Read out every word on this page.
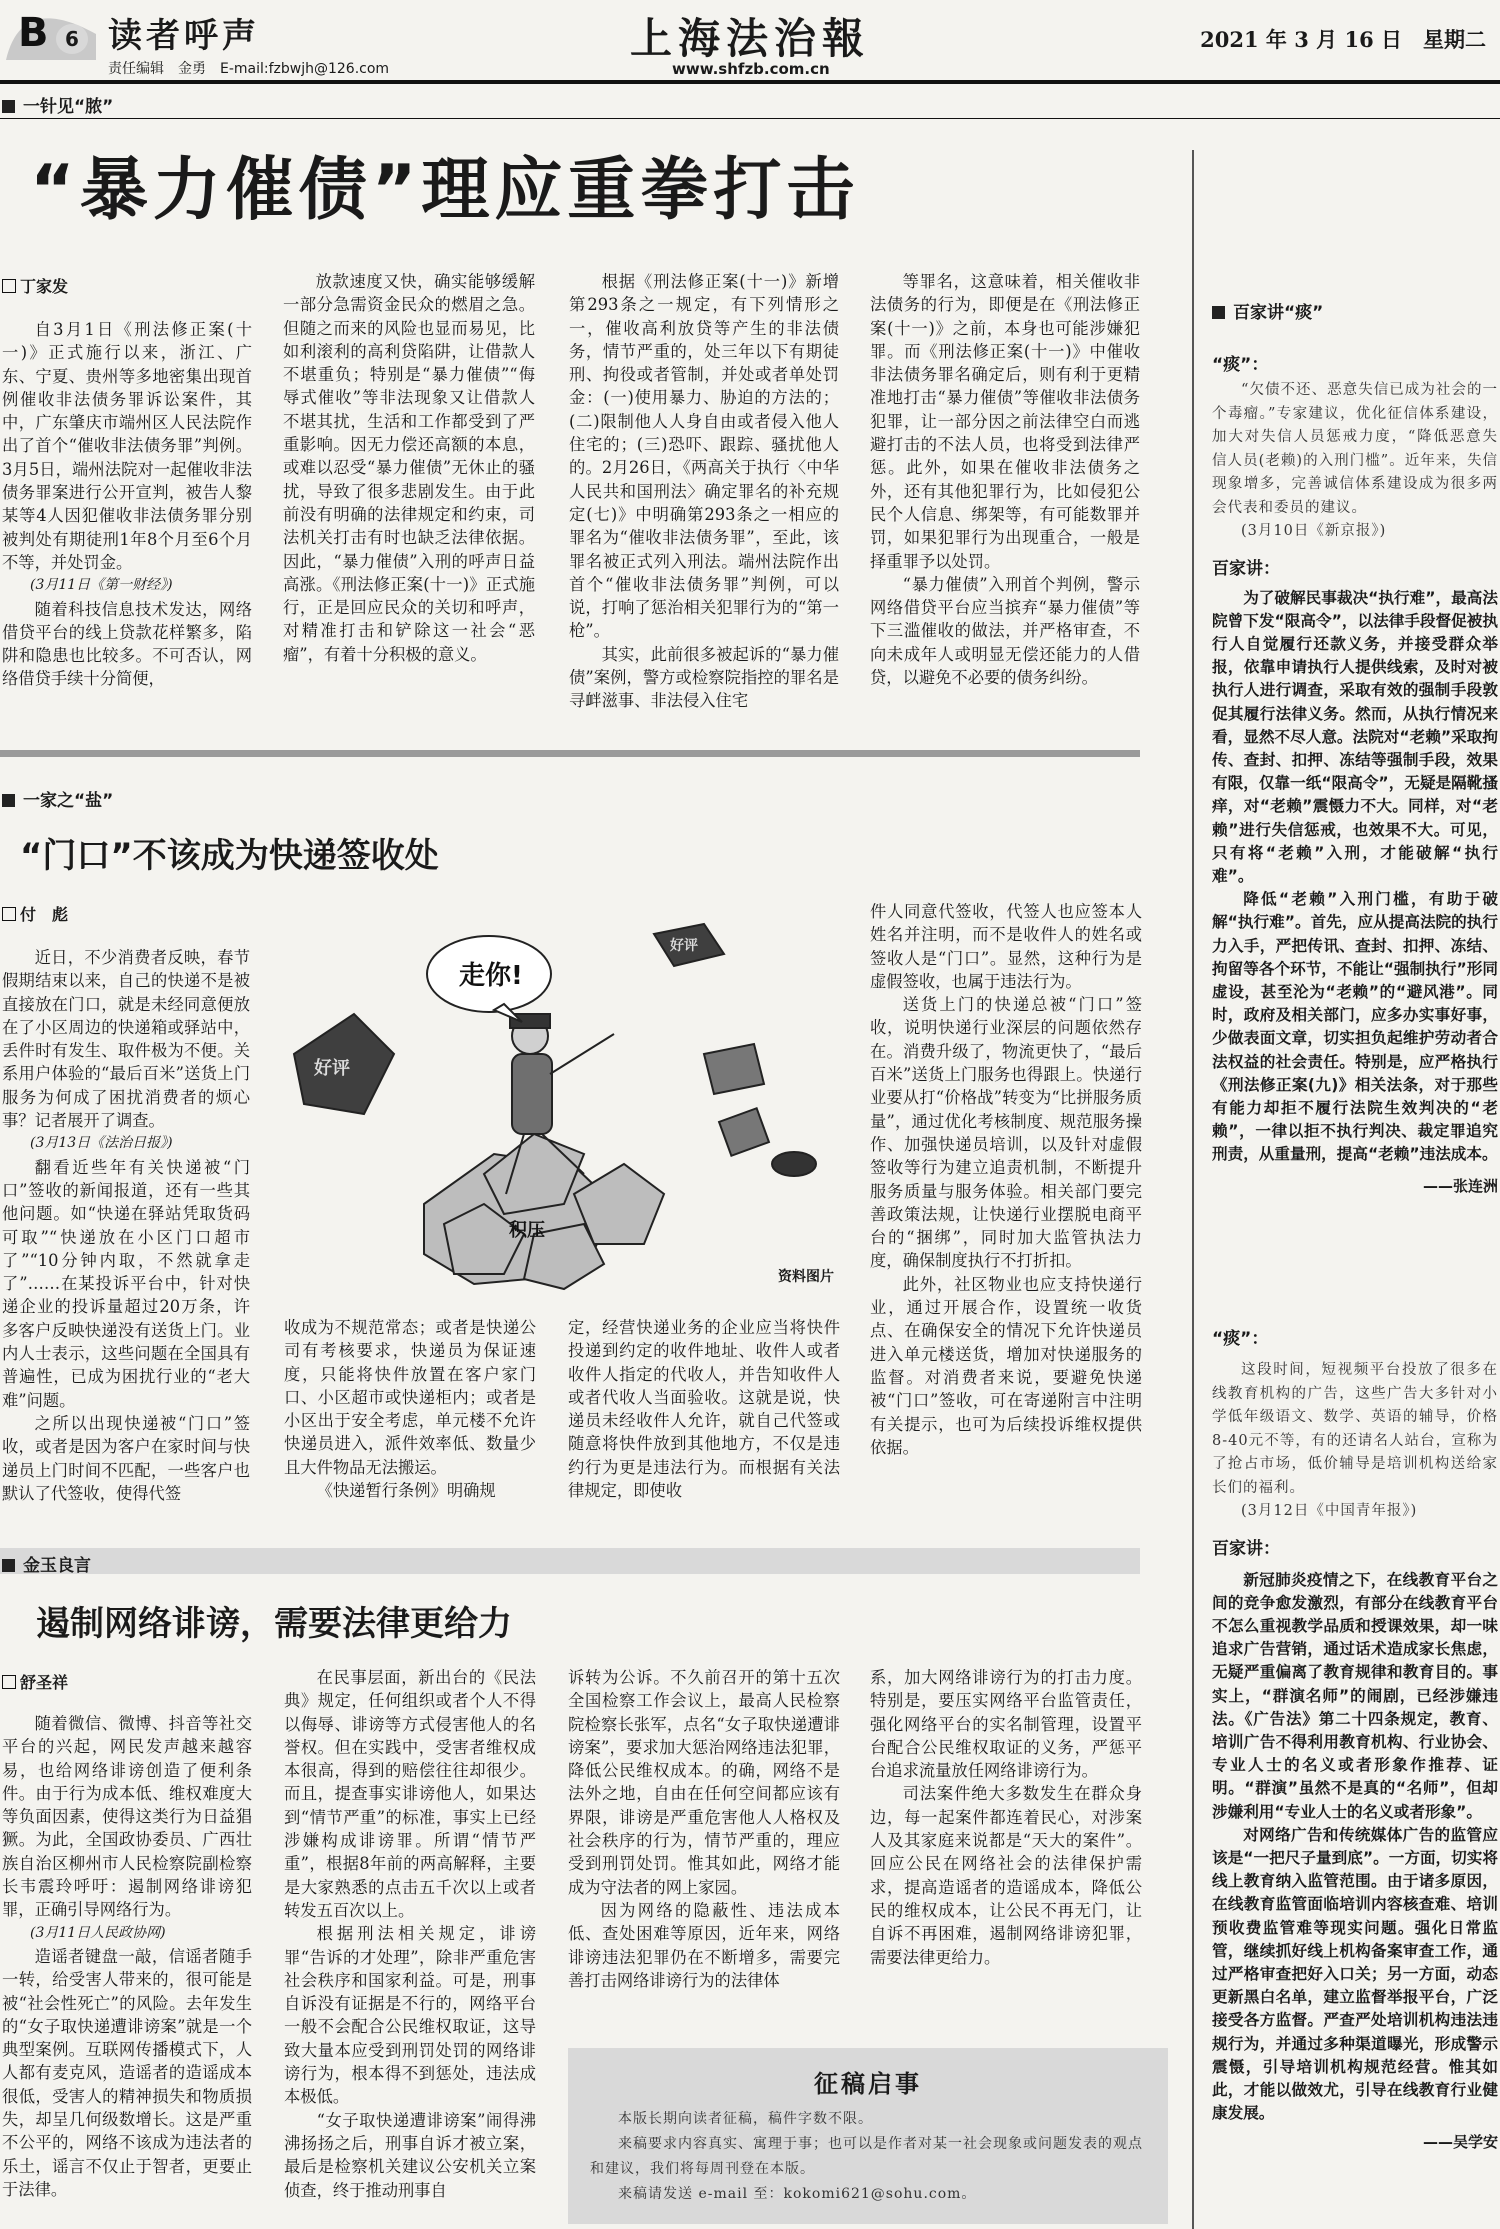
B 6 读者呼声
责任编辑　金勇　E-mail:fzbwjh@126.com
上海法治報
www.shfzb.com.cn
2021 年 3 月 16 日　星期二
一针见“脓”
“暴力催债”理应重拳打击
丁家发

自3月1日《刑法修正案(十一)》正式施行以来，浙江、广东、宁夏、贵州等多地密集出现首例催收非法债务罪诉讼案件，其中，广东肇庆市端州区人民法院作出了首个“催收非法债务罪”判例。3月5日，端州法院对一起催收非法债务罪案进行公开宣判，被告人黎某等4人因犯催收非法债务罪分别被判处有期徒刑1年8个月至6个月不等，并处罚金。

(3月11日《第一财经》)

随着科技信息技术发达，网络借贷平台的线上贷款花样繁多，陷阱和隐患也比较多。不可否认，网络借贷手续十分简便，

放款速度又快，确实能够缓解一部分急需资金民众的燃眉之急。但随之而来的风险也显而易见，比如利滚利的高利贷陷阱，让借款人不堪重负；特别是“暴力催债”“侮辱式催收”等非法现象又让借款人不堪其扰，生活和工作都受到了严重影响。因无力偿还高额的本息，或难以忍受“暴力催债”无休止的骚扰，导致了很多悲剧发生。由于此前没有明确的法律规定和约束，司法机关打击有时也缺乏法律依据。因此，“暴力催债”入刑的呼声日益高涨。《刑法修正案(十一)》正式施行，正是回应民众的关切和呼声，对精准打击和铲除这一社会“恶瘤”，有着十分积极的意义。

根据《刑法修正案(十一)》新增第293条之一规定，有下列情形之一，催收高利放贷等产生的非法债务，情节严重的，处三年以下有期徒刑、拘役或者管制，并处或者单处罚金：(一)使用暴力、胁迫的方法的；(二)限制他人人身自由或者侵入他人住宅的；(三)恐吓、跟踪、骚扰他人的。2月26日，《两高关于执行〈中华人民共和国刑法〉确定罪名的补充规定(七)》中明确第293条之一相应的罪名为“催收非法债务罪”，至此，该罪名被正式列入刑法。端州法院作出首个“催收非法债务罪”判例，可以说，打响了惩治相关犯罪行为的“第一枪”。

其实，此前很多被起诉的“暴力催债”案例，警方或检察院指控的罪名是寻衅滋事、非法侵入住宅

等罪名，这意味着，相关催收非法债务的行为，即便是在《刑法修正案(十一)》之前，本身也可能涉嫌犯罪。而《刑法修正案(十一)》中催收非法债务罪名确定后，则有利于更精准地打击“暴力催债”等催收非法债务犯罪，让一部分因之前法律空白而逃避打击的不法人员，也将受到法律严惩。此外，如果在催收非法债务之外，还有其他犯罪行为，比如侵犯公民个人信息、绑架等，有可能数罪并罚，如果犯罪行为出现重合，一般是择重罪予以处罚。

“暴力催债”入刑首个判例，警示网络借贷平台应当摈弃“暴力催债”等下三滥催收的做法，并严格审查，不向未成年人或明显无偿还能力的人借贷，以避免不必要的债务纠纷。

百家讲“痰”
“痰”：

“欠债不还、恶意失信已成为社会的一个毒瘤。”专家建议，优化征信体系建设，加大对失信人员惩戒力度，“降低恶意失信人员(老赖)的入刑门槛”。近年来，失信现象增多，完善诚信体系建设成为很多两会代表和委员的建议。

(3月10日《新京报》)

百家讲：

为了破解民事裁决“执行难”，最高法院曾下发“限高令”，以法律手段督促被执行人自觉履行还款义务，并接受群众举报，依靠申请执行人提供线索，及时对被执行人进行调查，采取有效的强制手段敦促其履行法律义务。然而，从执行情况来看，显然不尽人意。法院对“老赖”采取拘传、查封、扣押、冻结等强制手段，效果有限，仅靠一纸“限高令”，无疑是隔靴搔痒，对“老赖”震慑力不大。同样，对“老赖”进行失信惩戒，也效果不大。可见，只有将“老赖”入刑，才能破解“执行难”。

降低“老赖”入刑门槛，有助于破解“执行难”。首先，应从提高法院的执行力入手，严把传讯、查封、扣押、冻结、拘留等各个环节，不能让“强制执行”形同虚设，甚至沦为“老赖”的“避风港”。同时，政府及相关部门，应多办实事好事，少做表面文章，切实担负起维护劳动者合法权益的社会责任。特别是，应严格执行《刑法修正案(九)》相关法条，对于那些有能力却拒不履行法院生效判决的“老赖”，一律以拒不执行判决、裁定罪追究刑责，从重量刑，提高“老赖”违法成本。

——张连洲
“痰”：

这段时间，短视频平台投放了很多在线教育机构的广告，这些广告大多针对小学低年级语文、数学、英语的辅导，价格8-40元不等，有的还请名人站台，宣称为了抢占市场，低价辅导是培训机构送给家长们的福利。

(3月12日《中国青年报》)

百家讲：

新冠肺炎疫情之下，在线教育平台之间的竞争愈发激烈，有部分在线教育平台不怎么重视教学品质和授课效果，却一味追求广告营销，通过话术造成家长焦虑，无疑严重偏离了教育规律和教育目的。事实上，“群演名师”的闹剧，已经涉嫌违法。《广告法》第二十四条规定，教育、培训广告不得利用教育机构、行业协会、专业人士的名义或者形象作推荐、证明。“群演”虽然不是真的“名师”，但却涉嫌利用“专业人士的名义或者形象”。

对网络广告和传统媒体广告的监管应该是“一把尺子量到底”。一方面，切实将线上教育纳入监管范围。由于诸多原因，在线教育监管面临培训内容核查难、培训预收费监管难等现实问题。强化日常监管，继续抓好线上机构备案审查工作，通过严格审查把好入口关；另一方面，动态更新黑白名单，建立监督举报平台，广泛接受各方监督。严查严处培训机构违法违规行为，并通过多种渠道曝光，形成警示震慑，引导培训机构规范经营。惟其如此，才能以做效尤，引导在线教育行业健康发展。

——吴学安
一家之“盐”
“门口”不该成为快递签收处
付　彪

近日，不少消费者反映，春节假期结束以来，自己的快递不是被直接放在门口，就是未经同意便放在了小区周边的快递箱或驿站中，丢件时有发生、取件极为不便。关系用户体验的“最后百米”送货上门服务为何成了困扰消费者的烦心事？记者展开了调查。

(3月13日《法治日报》)

翻看近些年有关快递被“门口”签收的新闻报道，还有一些其他问题。如“快递在驿站凭取货码可取”“快递放在小区门口超市了”“10分钟内取，不然就拿走了”……在某投诉平台中，针对快递企业的投诉量超过20万条，许多客户反映快递没有送货上门。业内人士表示，这些问题在全国具有普遍性，已成为困扰行业的“老大难”问题。

之所以出现快递被“门口”签收，或者是因为客户在家时间与快递员上门时间不匹配，一些客户也默认了代签收，使得代签

走你!
好评
好评
积压
资料图片

收成为不规范常态；或者是快递公司有考核要求，快递员为保证速度，只能将快件放置在客户家门口、小区超市或快递柜内；或者是小区出于安全考虑，单元楼不允许快递员进入，派件效率低、数量少且大件物品无法搬运。

《快递暂行条例》明确规

定，经营快递业务的企业应当将快件投递到约定的收件地址、收件人或者收件人指定的代收人，并告知收件人或者代收人当面验收。这就是说，快递员未经收件人允许，就自己代签或随意将快件放到其他地方，不仅是违约行为更是违法行为。而根据有关法律规定，即使收

件人同意代签收，代签人也应签本人姓名并注明，而不是收件人的姓名或签收人是“门口”。显然，这种行为是虚假签收，也属于违法行为。

送货上门的快递总被“门口”签收，说明快递行业深层的问题依然存在。消费升级了，物流更快了，“最后百米”送货上门服务也得跟上。快递行业要从打“价格战”转变为“比拼服务质量”，通过优化考核制度、规范服务操作、加强快递员培训，以及针对虚假签收等行为建立追责机制，不断提升服务质量与服务体验。相关部门要完善政策法规，让快递行业摆脱电商平台的“捆绑”，同时加大监管执法力度，确保制度执行不打折扣。

此外，社区物业也应支持快递行业，通过开展合作，设置统一收货点、在确保安全的情况下允许快递员进入单元楼送货，增加对快递服务的监督。对消费者来说，要避免快递被“门口”签收，可在寄递附言中注明有关提示，也可为后续投诉维权提供依据。

金玉良言
遏制网络诽谤，需要法律更给力
舒圣祥

随着微信、微博、抖音等社交平台的兴起，网民发声越来越容易，也给网络诽谤创造了便利条件。由于行为成本低、维权难度大等负面因素，使得这类行为日益猖獗。为此，全国政协委员、广西壮族自治区柳州市人民检察院副检察长韦震玲呼吁：遏制网络诽谤犯罪，正确引导网络行为。

(3月11日人民政协网)

造谣者键盘一敲，信谣者随手一转，给受害人带来的，很可能是被“社会性死亡”的风险。去年发生的“女子取快递遭诽谤案”就是一个典型案例。互联网传播模式下，人人都有麦克风，造谣者的造谣成本很低，受害人的精神损失和物质损失，却呈几何级数增长。这是严重不公平的，网络不该成为违法者的乐土，谣言不仅止于智者，更要止于法律。

在民事层面，新出台的《民法典》规定，任何组织或者个人不得以侮辱、诽谤等方式侵害他人的名誉权。但在实践中，受害者维权成本很高，得到的赔偿往往却很少。而且，提查事实诽谤他人，如果达到“情节严重”的标准，事实上已经涉嫌构成诽谤罪。所谓“情节严重”，根据8年前的两高解释，主要是大家熟悉的点击五千次以上或者转发五百次以上。

根据刑法相关规定，诽谤罪“告诉的才处理”，除非严重危害社会秩序和国家利益。可是，刑事自诉没有证据是不行的，网络平台一般不会配合公民维权取证，这导致大量本应受到刑罚处罚的网络诽谤行为，根本得不到惩处，违法成本极低。

“女子取快递遭诽谤案”闹得沸沸扬扬之后，刑事自诉才被立案，最后是检察机关建议公安机关立案侦查，终于推动刑事自

诉转为公诉。不久前召开的第十五次全国检察工作会议上，最高人民检察院检察长张军，点名“女子取快递遭诽谤案”，要求加大惩治网络违法犯罪，降低公民维权成本。的确，网络不是法外之地，自由在任何空间都应该有界限，诽谤是严重危害他人人格权及社会秩序的行为，情节严重的，理应受到刑罚处罚。惟其如此，网络才能成为守法者的网上家园。

因为网络的隐蔽性、违法成本低、查处困难等原因，近年来，网络诽谤违法犯罪仍在不断增多，需要完善打击网络诽谤行为的法律体

系，加大网络诽谤行为的打击力度。特别是，要压实网络平台监管责任，强化网络平台的实名制管理，设置平台配合公民维权取证的义务，严惩平台追求流量放任网络诽谤行为。

司法案件绝大多数发生在群众身边，每一起案件都连着民心，对涉案人及其家庭来说都是“天大的案件”。回应公民在网络社会的法律保护需求，提高造谣者的造谣成本，降低公民的维权成本，让公民不再无门，让自诉不再困难，遏制网络诽谤犯罪，需要法律更给力。

征稿启事

本版长期向读者征稿，稿件字数不限。

来稿要求内容真实、寓理于事；也可以是作者对某一社会现象或问题发表的观点和建议，我们将每周刊登在本版。

来稿请发送 e-mail 至：kokomi621@sohu.com。
